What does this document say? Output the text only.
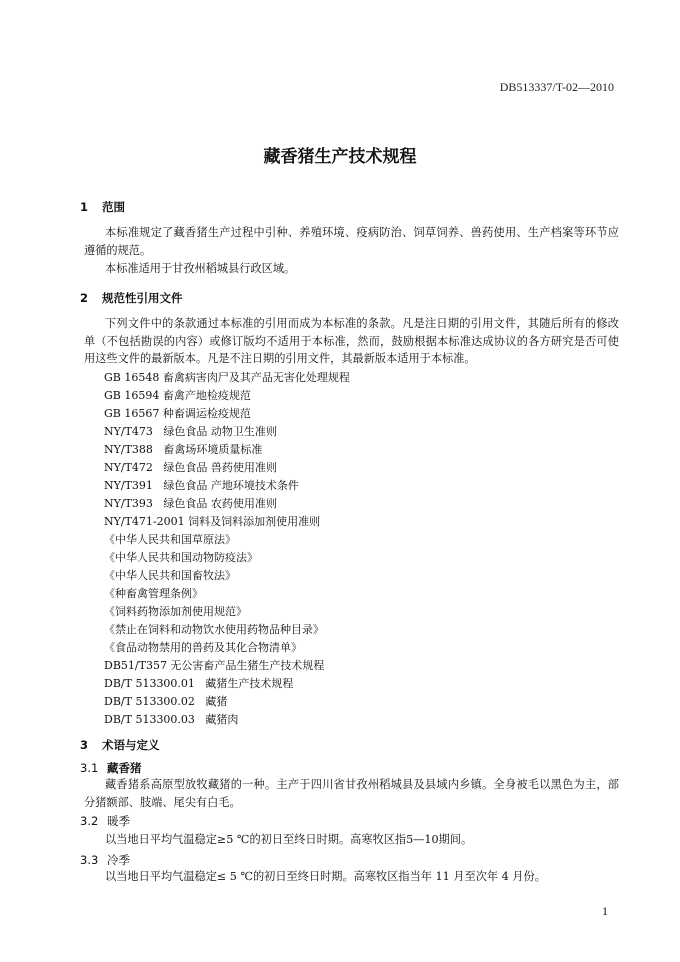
DB513337/T-02—2010
藏香猪生产技术规程
1 范围
本标准规定了藏香猪生产过程中引种、养殖环境、疫病防治、饲草饲养、兽药使用、生产档案等环节应遵循的规范。
本标准适用于甘孜州稻城县行政区域。
2 规范性引用文件
下列文件中的条款通过本标准的引用而成为本标准的条款。凡是注日期的引用文件，其随后所有的修改单（不包括勘误的内容）或修订版均不适用于本标准，然而，鼓励根据本标准达成协议的各方研究是否可使用这些文件的最新版本。凡是不注日期的引用文件，其最新版本适用于本标准。
GB 16548 畜禽病害肉尸及其产品无害化处理规程
GB 16594 畜禽产地检疫规范
GB 16567 种畜调运检疫规范
NY/T473   绿色食品 动物卫生准则
NY/T388   畜禽场环境质量标准
NY/T472   绿色食品 兽药使用准则
NY/T391   绿色食品 产地环境技术条件
NY/T393   绿色食品 农药使用准则
NY/T471-2001 饲料及饲料添加剂使用准则
《中华人民共和国草原法》
《中华人民共和国动物防疫法》
《中华人民共和国畜牧法》
《种畜禽管理条例》
《饲料药物添加剂使用规范》
《禁止在饲料和动物饮水使用药物品种目录》
《食品动物禁用的兽药及其化合物清单》
DB51/T357 无公害畜产品生猪生产技术规程
DB/T 513300.01   藏猪生产技术规程
DB/T 513300.02   藏猪
DB/T 513300.03   藏猪肉
3 术语与定义
3.1 藏香猪
藏香猪系高原型放牧藏猪的一种。主产于四川省甘孜州稻城县及县域内乡镇。全身被毛以黑色为主，部分猪额部、肢端、尾尖有白毛。
3.2 暖季
以当地日平均气温稳定≥5 ℃的初日至终日时期。高寒牧区指5—10期间。
3.3 冷季
以当地日平均气温稳定≤ 5 ℃的初日至终日时期。高寒牧区指当年 11 月至次年 4 月份。
1
